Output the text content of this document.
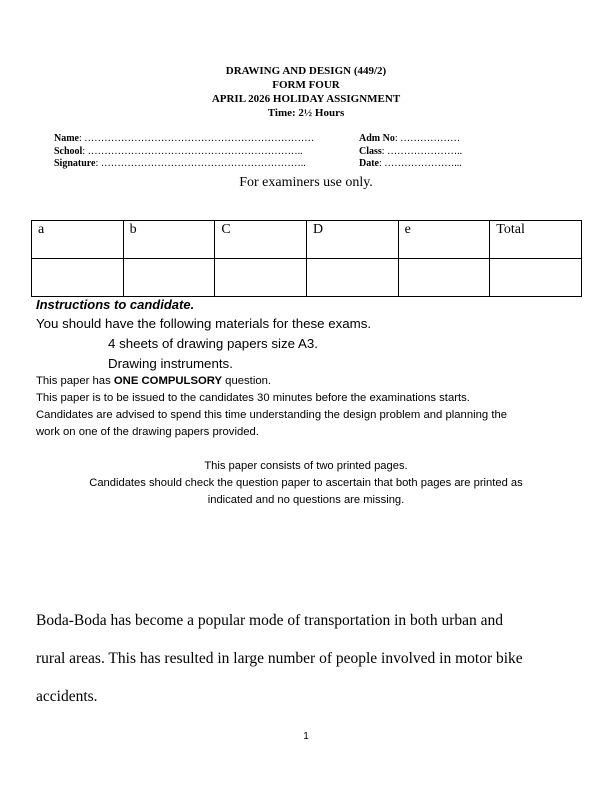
DRAWING AND DESIGN (449/2)
FORM FOUR
APRIL 2026 HOLIDAY ASSIGNMENT
Time: 2½ Hours
Name: ……………………………………………………………	Adm No: ………………
School: ………………………………………………………..	Class: …………………..
Signature: ……………………………………………………..	Date: …………………...
For examiners use only.
a	b	C	D	e	Total

Instructions to candidate.
You should have the following materials for these exams.
4 sheets of drawing papers size A3.
Drawing instruments.
This paper has ONE COMPULSORY question.
This paper is to be issued to the candidates 30 minutes before the examinations starts.
Candidates are advised to spend this time understanding the design problem and planning the
work on one of the drawing papers provided.
This paper consists of two printed pages.
Candidates should check the question paper to ascertain that both pages are printed as
indicated and no questions are missing.
Boda-Boda has become a popular mode of transportation in both urban and
rural areas. This has resulted in large number of people involved in motor bike
accidents.
1
